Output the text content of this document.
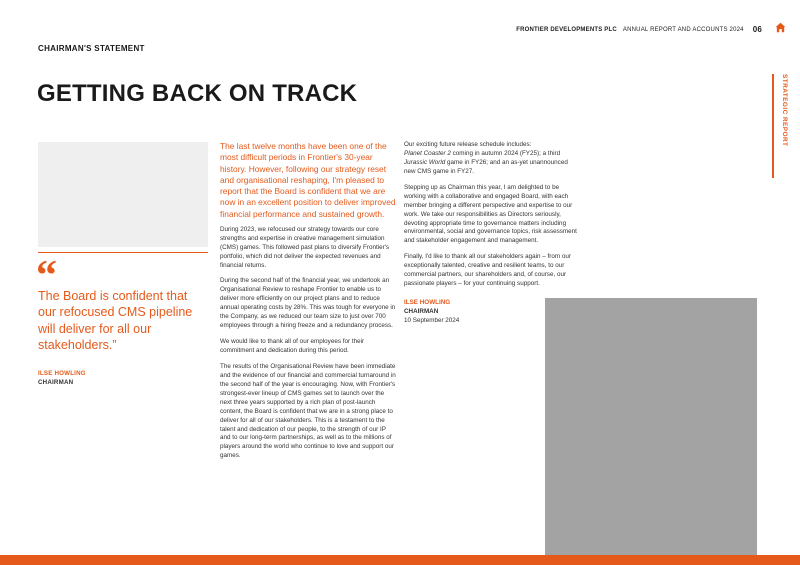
FRONTIER DEVELOPMENTS PLC ANNUAL REPORT AND ACCOUNTS 2024 06
CHAIRMAN'S STATEMENT
GETTING BACK ON TRACK	STRATEGIC REPORT
“
The Board is confident that our refocused CMS pipeline will deliver for all our stakeholders.”
ILSE HOWLING
CHAIRMAN

The last twelve months have been one of the most difficult periods in Frontier's 30-year history. However, following our strategy reset and organisational reshaping, I'm pleased to report that the Board is confident that we are now in an excellent position to deliver improved financial performance and sustained growth.

During 2023, we refocused our strategy towards our core strengths and expertise in creative management simulation (CMS) games. This followed past plans to diversify Frontier's portfolio, which did not deliver the expected revenues and financial returns.

During the second half of the financial year, we undertook an Organisational Review to reshape Frontier to enable us to deliver more efficiently on our project plans and to reduce annual operating costs by 28%. This was tough for everyone in the Company, as we reduced our team size to just over 700 employees through a hiring freeze and a redundancy process.

We would like to thank all of our employees for their commitment and dedication during this period.

The results of the Organisational Review have been immediate and the evidence of our financial and commercial turnaround in the second half of the year is encouraging. Now, with Frontier's strongest-ever lineup of CMS games set to launch over the next three years supported by a rich plan of post-launch content, the Board is confident that we are in a strong place to deliver for all of our stakeholders. This is a testament to the talent and dedication of our people, to the strength of our IP and to our long-term partnerships, as well as to the millions of players around the world who continue to love and support our games.

Our exciting future release schedule includes:
Planet Coaster 2 coming in autumn 2024 (FY25); a third Jurassic World game in FY26; and an as-yet unannounced new CMS game in FY27.

Stepping up as Chairman this year, I am delighted to be working with a collaborative and engaged Board, with each member bringing a different perspective and expertise to our work. We take our responsibilities as Directors seriously, devoting appropriate time to governance matters including environmental, social and governance topics, risk assessment and stakeholder engagement and management.

Finally, I'd like to thank all our stakeholders again – from our exceptionally talented, creative and resilient teams, to our commercial partners, our shareholders and, of course, our passionate players – for your continuing support.

ILSE HOWLING
CHAIRMAN
10 September 2024
